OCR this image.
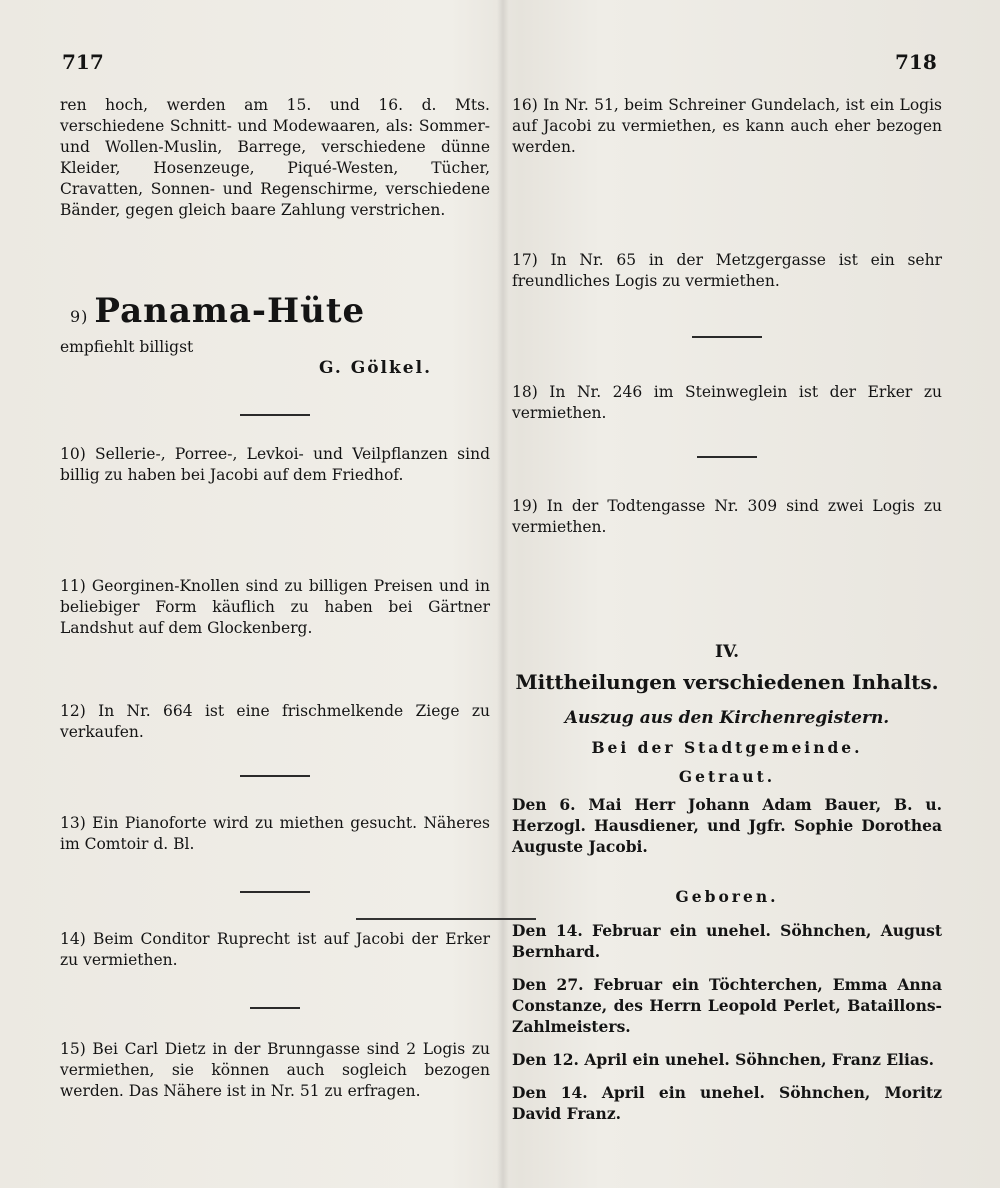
717	718
ren hoch, werden am 15. und 16. d. Mts. verschiedene Schnitt- und Modewaaren, als: Sommer- und Wollen-Muslin, Barrege, verschiedene dünne Kleider, Hosenzeuge, Piqué-Westen, Tücher, Cravatten, Sonnen- und Regenschirme, verschiedene Bänder, gegen gleich baare Zahlung verstrichen.
9) Panama-Hüte
empfiehlt billigst
G. Gölkel.
10) Sellerie-, Porree-, Levkoi- und Veilpflanzen sind billig zu haben bei Jacobi auf dem Friedhof.
11) Georginen-Knollen sind zu billigen Preisen und in beliebiger Form käuflich zu haben bei Gärtner Landshut auf dem Glockenberg.
12) In Nr. 664 ist eine frischmelkende Ziege zu verkaufen.
13) Ein Pianoforte wird zu miethen gesucht. Näheres im Comtoir d. Bl.
14) Beim Conditor Ruprecht ist auf Jacobi der Erker zu vermiethen.
15) Bei Carl Dietz in der Brunngasse sind 2 Logis zu vermiethen, sie können auch sogleich bezogen werden. Das Nähere ist in Nr. 51 zu erfragen.
16) In Nr. 51, beim Schreiner Gundelach, ist ein Logis auf Jacobi zu vermiethen, es kann auch eher bezogen werden.
17) In Nr. 65 in der Metzgergasse ist ein sehr freundliches Logis zu vermiethen.
18) In Nr. 246 im Steinweglein ist der Erker zu vermiethen.
19) In der Todtengasse Nr. 309 sind zwei Logis zu vermiethen.
IV.
Mittheilungen verschiedenen Inhalts.
Auszug aus den Kirchenregistern.
Bei der Stadtgemeinde.
Getraut.
Den 6. Mai Herr Johann Adam Bauer, B. u. Herzogl. Hausdiener, und Jgfr. Sophie Dorothea Auguste Jacobi.
Geboren.
Den 14. Februar ein unehel. Söhnchen, August Bernhard.
Den 27. Februar ein Töchterchen, Emma Anna Constanze, des Herrn Leopold Perlet, Bataillons-Zahlmeisters.
Den 12. April ein unehel. Söhnchen, Franz Elias.
Den 14. April ein unehel. Söhnchen, Moritz David Franz.
